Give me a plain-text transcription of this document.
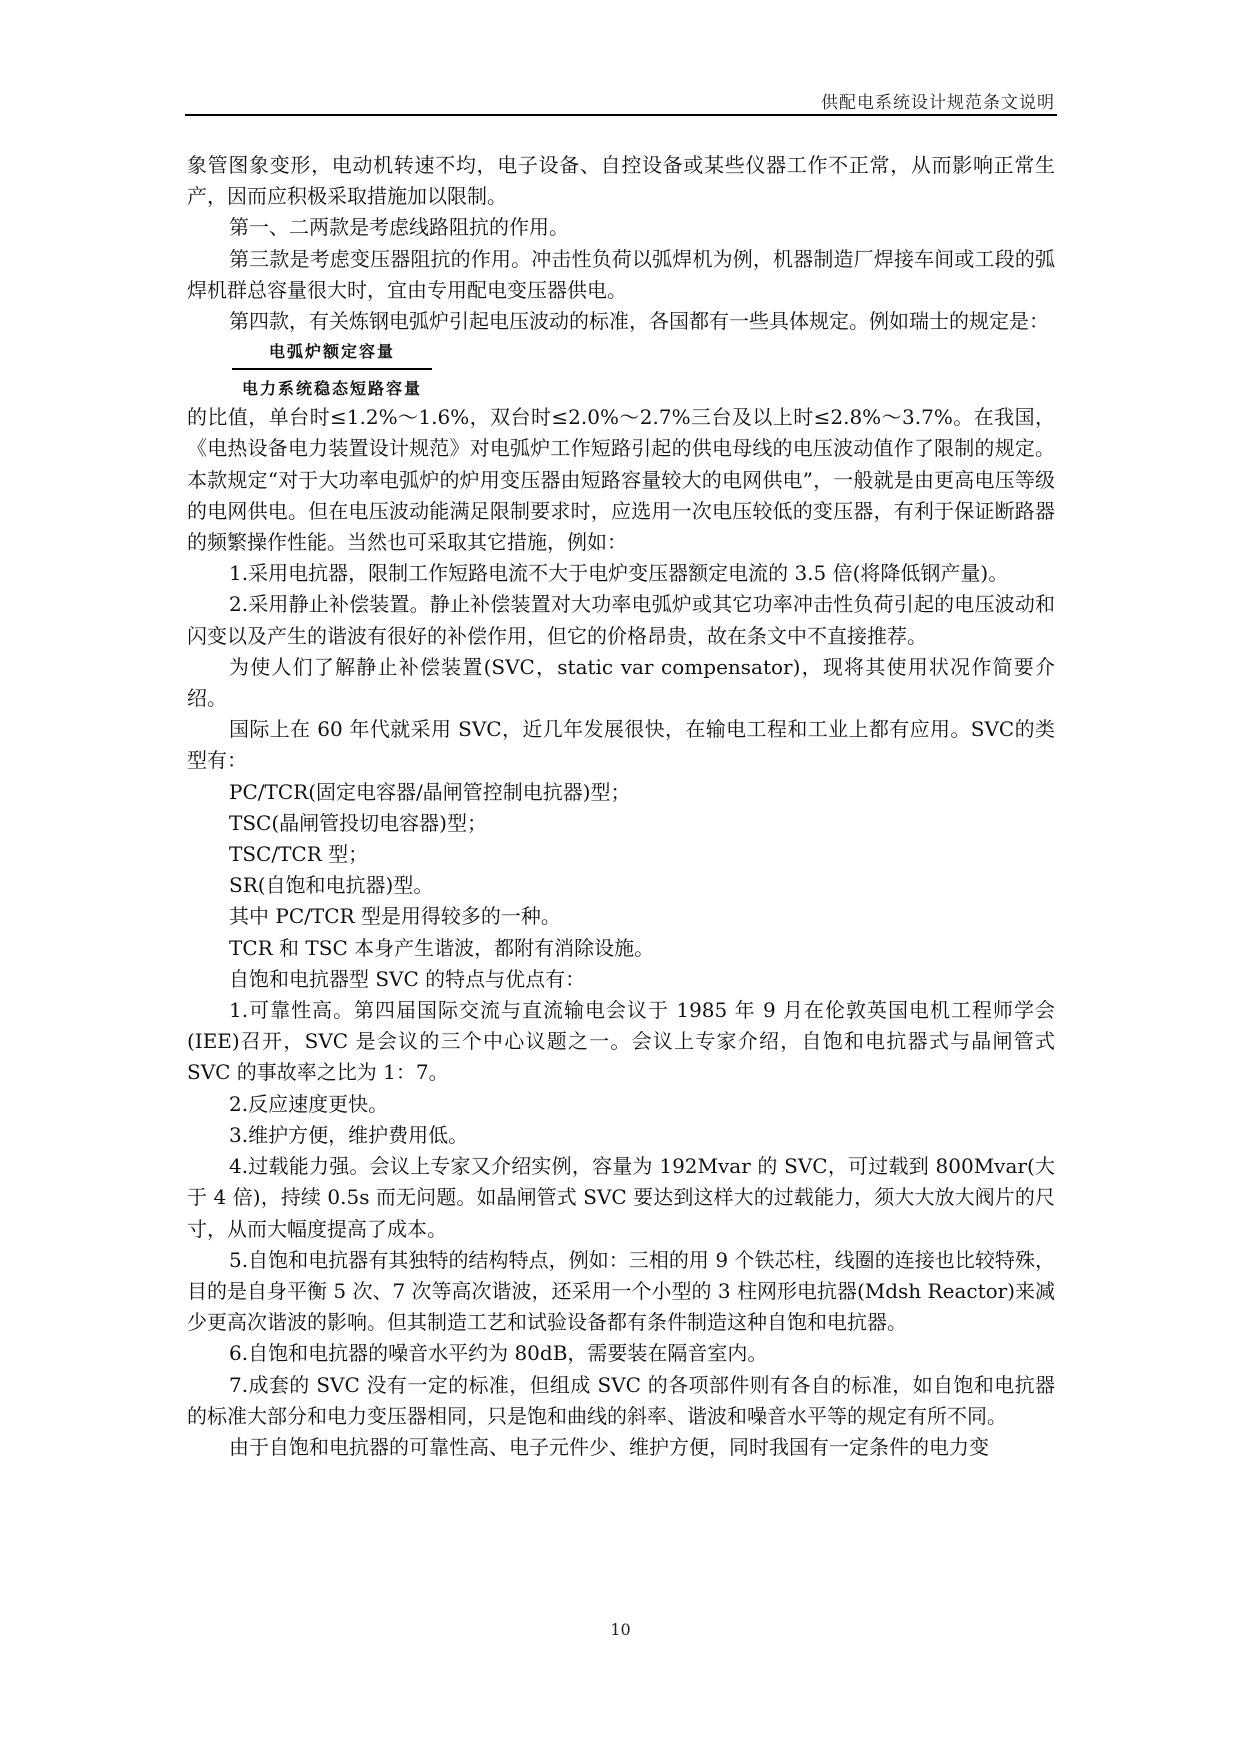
供配电系统设计规范条文说明

象管图象变形，电动机转速不均，电子设备、自控设备或某些仪器工作不正常，从而影响正常生产，因而应积极采取措施加以限制。

第一、二两款是考虑线路阻抗的作用。

第三款是考虑变压器阻抗的作用。冲击性负荷以弧焊机为例，机器制造厂焊接车间或工段的弧焊机群总容量很大时，宜由专用配电变压器供电。

第四款，有关炼钢电弧炉引起电压波动的标准，各国都有一些具体规定。例如瑞士的规定是：

电弧炉额定容量
电力系统稳态短路容量

的比值，单台时≤1.2%～1.6%，双台时≤2.0%～2.7%三台及以上时≤2.8%～3.7%。在我国，《电热设备电力装置设计规范》对电弧炉工作短路引起的供电母线的电压波动值作了限制的规定。本款规定“对于大功率电弧炉的炉用变压器由短路容量较大的电网供电”，一般就是由更高电压等级的电网供电。但在电压波动能满足限制要求时，应选用一次电压较低的变压器，有利于保证断路器的频繁操作性能。当然也可采取其它措施，例如：

1.采用电抗器，限制工作短路电流不大于电炉变压器额定电流的 3.5 倍(将降低钢产量)。

2.采用静止补偿装置。静止补偿装置对大功率电弧炉或其它功率冲击性负荷引起的电压波动和闪变以及产生的谐波有很好的补偿作用，但它的价格昂贵，故在条文中不直接推荐。

为使人们了解静止补偿装置(SVC，static var compensator)，现将其使用状况作简要介绍。

国际上在 60 年代就采用 SVC，近几年发展很快，在输电工程和工业上都有应用。SVC的类型有：

PC/TCR(固定电容器/晶闸管控制电抗器)型；

TSC(晶闸管投切电容器)型；

TSC/TCR 型；

SR(自饱和电抗器)型。

其中 PC/TCR 型是用得较多的一种。

TCR 和 TSC 本身产生谐波，都附有消除设施。

自饱和电抗器型 SVC 的特点与优点有：

1.可靠性高。第四届国际交流与直流输电会议于 1985 年 9 月在伦敦英国电机工程师学会(IEE)召开，SVC 是会议的三个中心议题之一。会议上专家介绍，自饱和电抗器式与晶闸管式 SVC 的事故率之比为 1：7。

2.反应速度更快。

3.维护方便，维护费用低。

4.过载能力强。会议上专家又介绍实例，容量为 192Mvar 的 SVC，可过载到 800Mvar(大于 4 倍)，持续 0.5s 而无问题。如晶闸管式 SVC 要达到这样大的过载能力，须大大放大阀片的尺寸，从而大幅度提高了成本。

5.自饱和电抗器有其独特的结构特点，例如：三相的用 9 个铁芯柱，线圈的连接也比较特殊，目的是自身平衡 5 次、7 次等高次谐波，还采用一个小型的 3 柱网形电抗器(Mdsh Reactor)来减少更高次谐波的影响。但其制造工艺和试验设备都有条件制造这种自饱和电抗器。

6.自饱和电抗器的噪音水平约为 80dB，需要装在隔音室内。

7.成套的 SVC 没有一定的标准，但组成 SVC 的各项部件则有各自的标准，如自饱和电抗器的标准大部分和电力变压器相同，只是饱和曲线的斜率、谐波和噪音水平等的规定有所不同。

由于自饱和电抗器的可靠性高、电子元件少、维护方便，同时我国有一定条件的电力变

10
